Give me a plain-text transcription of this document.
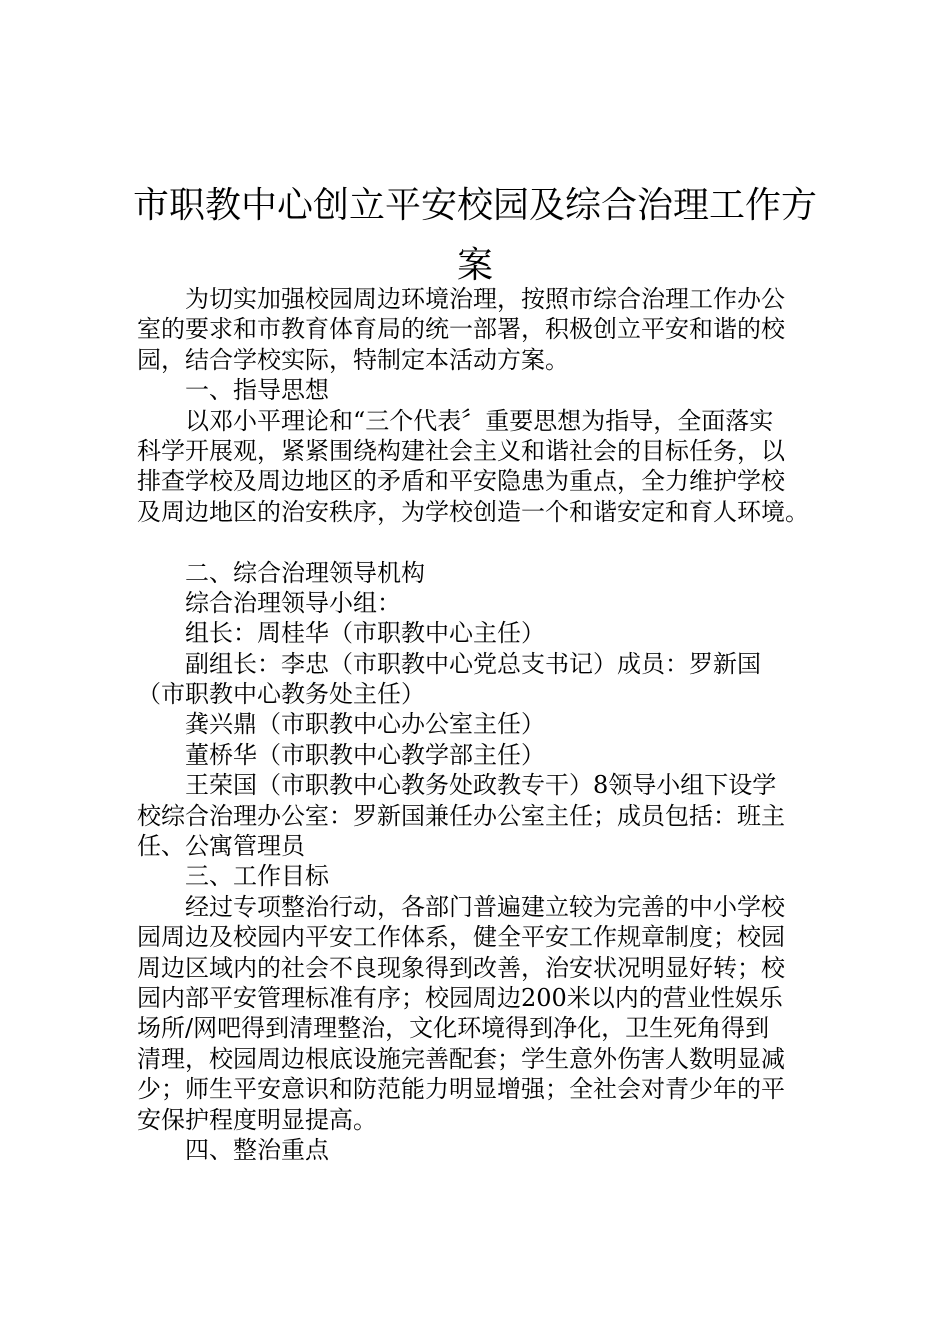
市职教中心创立平安校园及综合治理工作方
案
为切实加强校园周边环境治理，按照市综合治理工作办公
室的要求和市教育体育局的统一部署，积极创立平安和谐的校
园，结合学校实际，特制定本活动方案。
一、指导思想
以邓小平理论和“三个代表〞重要思想为指导，全面落实
科学开展观，紧紧围绕构建社会主义和谐社会的目标任务，以
排查学校及周边地区的矛盾和平安隐患为重点，全力维护学校
及周边地区的治安秩序，为学校创造一个和谐安定和育人环境。
二、综合治理领导机构
综合治理领导小组：
组长：周桂华（市职教中心主任）
副组长：李忠（市职教中心党总支书记）成员：罗新国
（市职教中心教务处主任）
龚兴鼎（市职教中心办公室主任）
董桥华（市职教中心教学部主任）
王荣国（市职教中心教务处政教专干）8领导小组下设学
校综合治理办公室：罗新国兼任办公室主任；成员包括：班主
任、公寓管理员
三、工作目标
经过专项整治行动，各部门普遍建立较为完善的中小学校
园周边及校园内平安工作体系，健全平安工作规章制度；校园
周边区域内的社会不良现象得到改善，治安状况明显好转；校
园内部平安管理标准有序；校园周边200米以内的营业性娱乐
场所/网吧得到清理整治，文化环境得到净化，卫生死角得到
清理，校园周边根底设施完善配套；学生意外伤害人数明显减
少；师生平安意识和防范能力明显增强；全社会对青少年的平
安保护程度明显提高。
四、整治重点
